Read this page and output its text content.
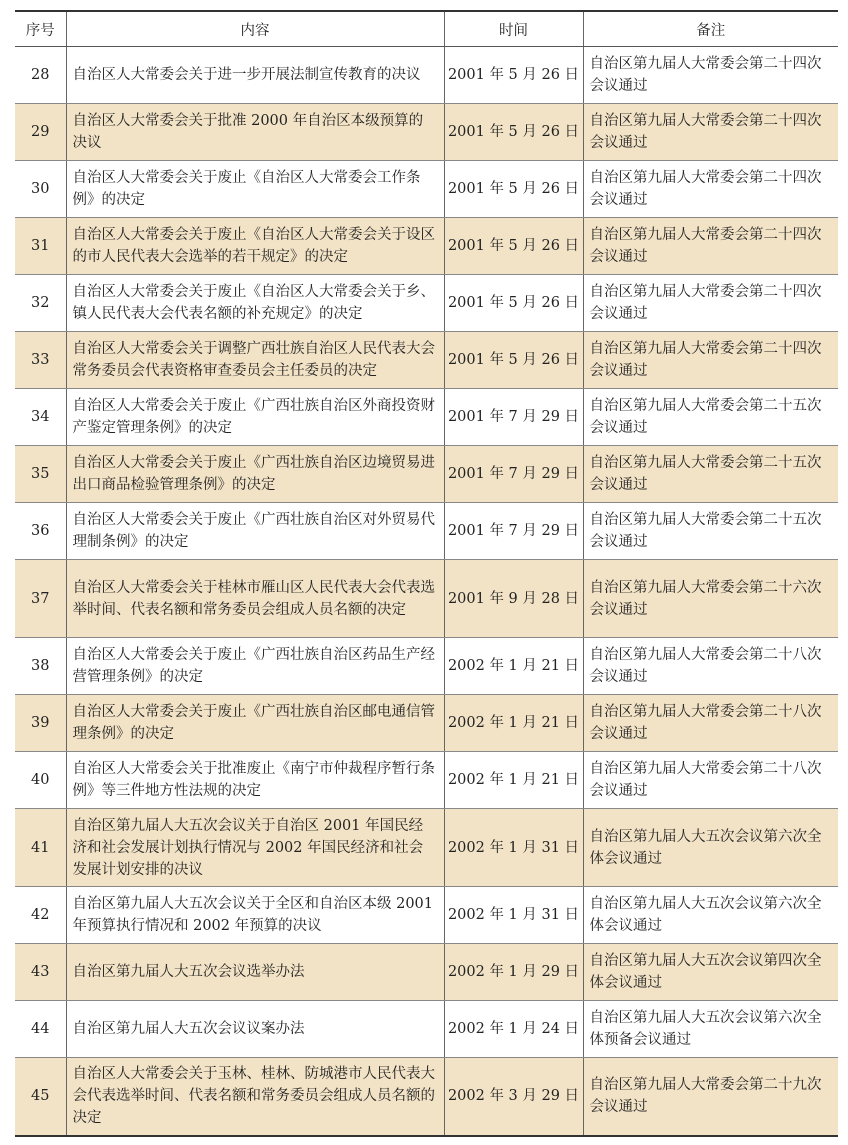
序号	内容	时间	备注
28	自治区人大常委会关于进一步开展法制宣传教育的决议	2001 年 5 月 26 日	自治区第九届人大常委会第二十四次会议通过
29	自治区人大常委会关于批准 2000 年自治区本级预算的决议	2001 年 5 月 26 日	自治区第九届人大常委会第二十四次会议通过
30	自治区人大常委会关于废止《自治区人大常委会工作条例》的决定	2001 年 5 月 26 日	自治区第九届人大常委会第二十四次会议通过
31	自治区人大常委会关于废止《自治区人大常委会关于设区的市人民代表大会选举的若干规定》的决定	2001 年 5 月 26 日	自治区第九届人大常委会第二十四次会议通过
32	自治区人大常委会关于废止《自治区人大常委会关于乡、镇人民代表大会代表名额的补充规定》的决定	2001 年 5 月 26 日	自治区第九届人大常委会第二十四次会议通过
33	自治区人大常委会关于调整广西壮族自治区人民代表大会常务委员会代表资格审查委员会主任委员的决定	2001 年 5 月 26 日	自治区第九届人大常委会第二十四次会议通过
34	自治区人大常委会关于废止《广西壮族自治区外商投资财产鉴定管理条例》的决定	2001 年 7 月 29 日	自治区第九届人大常委会第二十五次会议通过
35	自治区人大常委会关于废止《广西壮族自治区边境贸易进出口商品检验管理条例》的决定	2001 年 7 月 29 日	自治区第九届人大常委会第二十五次会议通过
36	自治区人大常委会关于废止《广西壮族自治区对外贸易代理制条例》的决定	2001 年 7 月 29 日	自治区第九届人大常委会第二十五次会议通过
37	自治区人大常委会关于桂林市雁山区人民代表大会代表选举时间、代表名额和常务委员会组成人员名额的决定	2001 年 9 月 28 日	自治区第九届人大常委会第二十六次会议通过
38	自治区人大常委会关于废止《广西壮族自治区药品生产经营管理条例》的决定	2002 年 1 月 21 日	自治区第九届人大常委会第二十八次会议通过
39	自治区人大常委会关于废止《广西壮族自治区邮电通信管理条例》的决定	2002 年 1 月 21 日	自治区第九届人大常委会第二十八次会议通过
40	自治区人大常委会关于批准废止《南宁市仲裁程序暂行条例》等三件地方性法规的决定	2002 年 1 月 21 日	自治区第九届人大常委会第二十八次会议通过
41	自治区第九届人大五次会议关于自治区 2001 年国民经济和社会发展计划执行情况与 2002 年国民经济和社会发展计划安排的决议	2002 年 1 月 31 日	自治区第九届人大五次会议第六次全体会议通过
42	自治区第九届人大五次会议关于全区和自治区本级 2001 年预算执行情况和 2002 年预算的决议	2002 年 1 月 31 日	自治区第九届人大五次会议第六次全体会议通过
43	自治区第九届人大五次会议选举办法	2002 年 1 月 29 日	自治区第九届人大五次会议第四次全体会议通过
44	自治区第九届人大五次会议议案办法	2002 年 1 月 24 日	自治区第九届人大五次会议第六次全体预备会议通过
45	自治区人大常委会关于玉林、桂林、防城港市人民代表大会代表选举时间、代表名额和常务委员会组成人员名额的决定	2002 年 3 月 29 日	自治区第九届人大常委会第二十九次会议通过
